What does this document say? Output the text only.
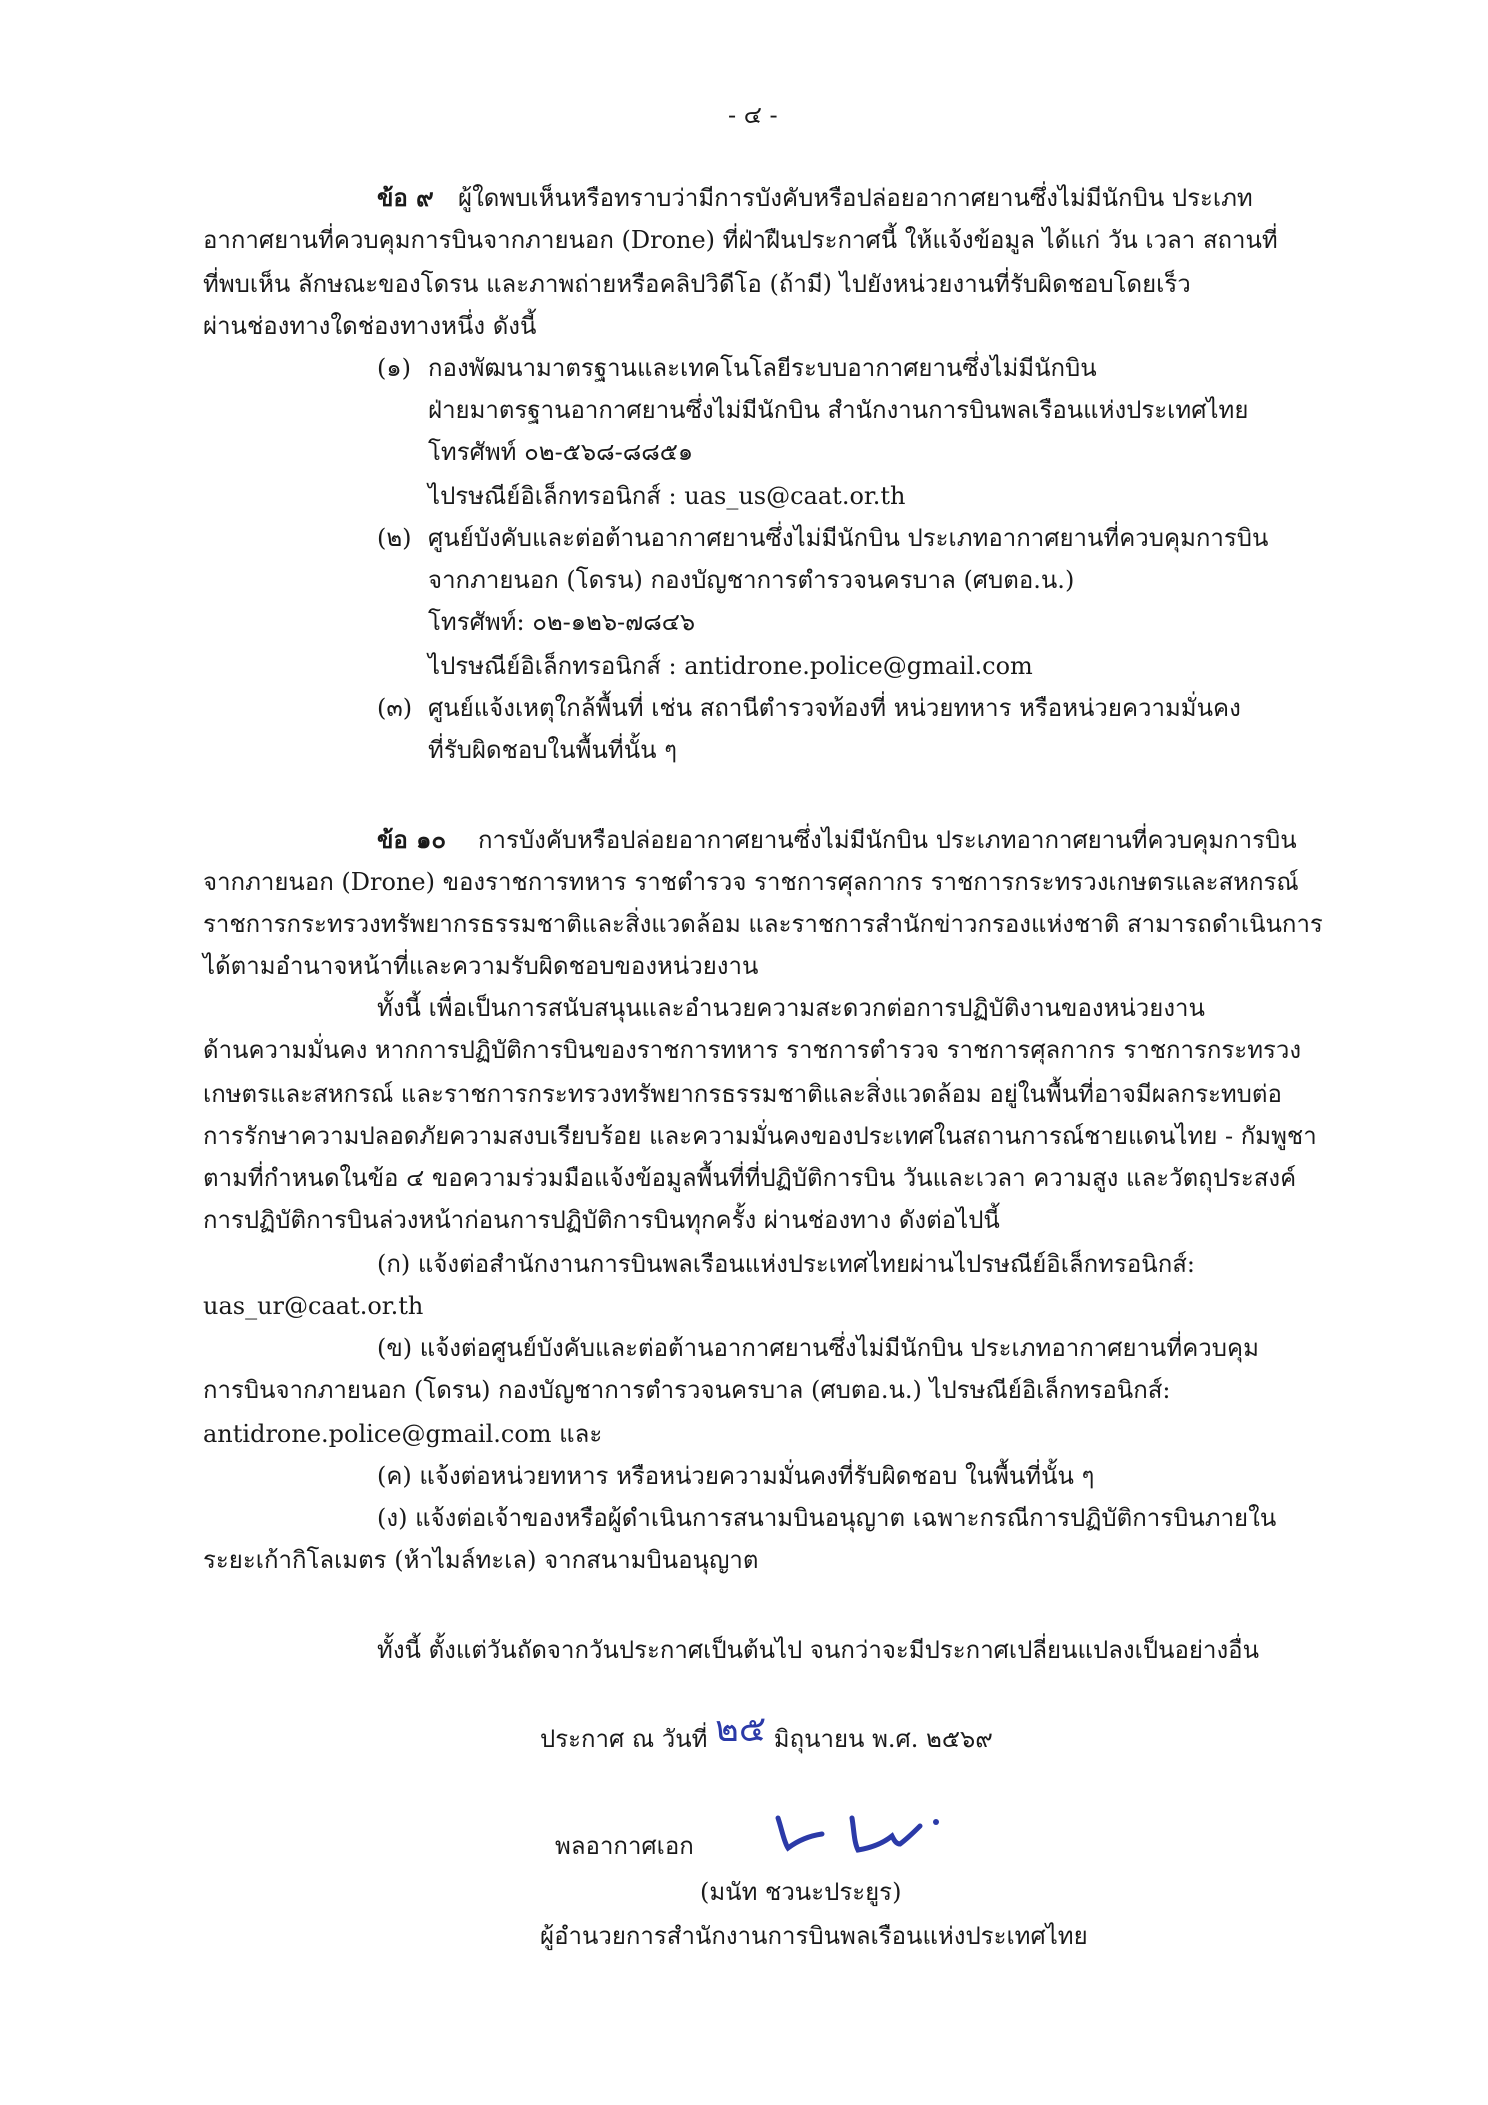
- ๔ -
ข้อ ๙ ผู้ใดพบเห็นหรือทราบว่ามีการบังคับหรือปล่อยอากาศยานซึ่งไม่มีนักบิน ประเภท
อากาศยานที่ควบคุมการบินจากภายนอก (Drone) ที่ฝ่าฝืนประกาศนี้ ให้แจ้งข้อมูล ได้แก่ วัน เวลา สถานที่
ที่พบเห็น ลักษณะของโดรน และภาพถ่ายหรือคลิปวิดีโอ (ถ้ามี) ไปยังหน่วยงานที่รับผิดชอบโดยเร็ว
ผ่านช่องทางใดช่องทางหนึ่ง ดังนี้
(๑) กองพัฒนามาตรฐานและเทคโนโลยีระบบอากาศยานซึ่งไม่มีนักบิน
ฝ่ายมาตรฐานอากาศยานซึ่งไม่มีนักบิน สำนักงานการบินพลเรือนแห่งประเทศไทย
โทรศัพท์ ๐๒-๕๖๘-๘๘๕๑
ไปรษณีย์อิเล็กทรอนิกส์ : uas_us@caat.or.th
(๒) ศูนย์บังคับและต่อต้านอากาศยานซึ่งไม่มีนักบิน ประเภทอากาศยานที่ควบคุมการบิน
จากภายนอก (โดรน) กองบัญชาการตำรวจนครบาล (ศบตอ.น.)
โทรศัพท์: ๐๒-๑๒๖-๗๘๔๖
ไปรษณีย์อิเล็กทรอนิกส์ : antidrone.police@gmail.com
(๓) ศูนย์แจ้งเหตุใกล้พื้นที่ เช่น สถานีตำรวจท้องที่ หน่วยทหาร หรือหน่วยความมั่นคง
ที่รับผิดชอบในพื้นที่นั้น ๆ
ข้อ ๑๐ การบังคับหรือปล่อยอากาศยานซึ่งไม่มีนักบิน ประเภทอากาศยานที่ควบคุมการบิน
จากภายนอก (Drone) ของราชการทหาร ราชตำรวจ ราชการศุลกากร ราชการกระทรวงเกษตรและสหกรณ์
ราชการกระทรวงทรัพยากรธรรมชาติและสิ่งแวดล้อม และราชการสำนักข่าวกรองแห่งชาติ สามารถดำเนินการ
ได้ตามอำนาจหน้าที่และความรับผิดชอบของหน่วยงาน
ทั้งนี้ เพื่อเป็นการสนับสนุนและอำนวยความสะดวกต่อการปฏิบัติงานของหน่วยงาน
ด้านความมั่นคง หากการปฏิบัติการบินของราชการทหาร ราชการตำรวจ ราชการศุลกากร ราชการกระทรวง
เกษตรและสหกรณ์ และราชการกระทรวงทรัพยากรธรรมชาติและสิ่งแวดล้อม อยู่ในพื้นที่อาจมีผลกระทบต่อ
การรักษาความปลอดภัยความสงบเรียบร้อย และความมั่นคงของประเทศในสถานการณ์ชายแดนไทย - กัมพูชา
ตามที่กำหนดในข้อ ๔ ขอความร่วมมือแจ้งข้อมูลพื้นที่ที่ปฏิบัติการบิน วันและเวลา ความสูง และวัตถุประสงค์
การปฏิบัติการบินล่วงหน้าก่อนการปฏิบัติการบินทุกครั้ง ผ่านช่องทาง ดังต่อไปนี้
(ก) แจ้งต่อสำนักงานการบินพลเรือนแห่งประเทศไทยผ่านไปรษณีย์อิเล็กทรอนิกส์:
uas_ur@caat.or.th
(ข) แจ้งต่อศูนย์บังคับและต่อต้านอากาศยานซึ่งไม่มีนักบิน ประเภทอากาศยานที่ควบคุม
การบินจากภายนอก (โดรน) กองบัญชาการตำรวจนครบาล (ศบตอ.น.) ไปรษณีย์อิเล็กทรอนิกส์:
antidrone.police@gmail.com และ
(ค) แจ้งต่อหน่วยทหาร หรือหน่วยความมั่นคงที่รับผิดชอบ ในพื้นที่นั้น ๆ
(ง) แจ้งต่อเจ้าของหรือผู้ดำเนินการสนามบินอนุญาต เฉพาะกรณีการปฏิบัติการบินภายใน
ระยะเก้ากิโลเมตร (ห้าไมล์ทะเล) จากสนามบินอนุญาต
ทั้งนี้ ตั้งแต่วันถัดจากวันประกาศเป็นต้นไป จนกว่าจะมีประกาศเปลี่ยนแปลงเป็นอย่างอื่น
ประกาศ ณ วันที่ ๒๕ มิถุนายน พ.ศ. ๒๕๖๙
พลอากาศเอก
(มนัท ชวนะประยูร)
ผู้อำนวยการสำนักงานการบินพลเรือนแห่งประเทศไทย
